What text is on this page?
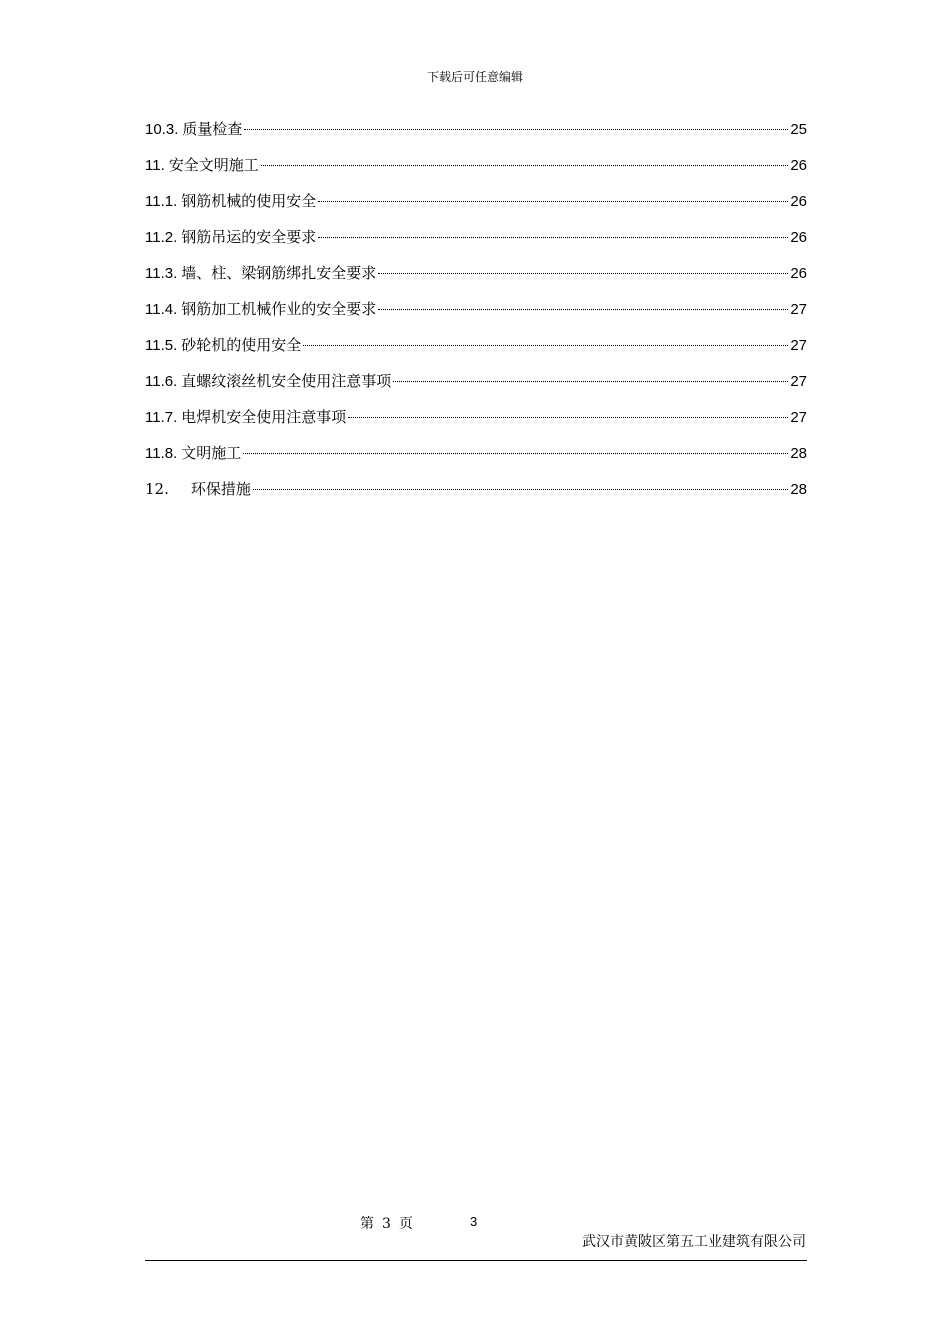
下载后可任意编辑
10.3. 质量检查	25
11. 安全文明施工	26
11.1. 钢筋机械的使用安全	26
11.2. 钢筋吊运的安全要求	26
11.3. 墙、柱、梁钢筋绑扎安全要求	26
11.4. 钢筋加工机械作业的安全要求	27
11.5. 砂轮机的使用安全	27
11.6. 直螺纹滚丝机安全使用注意事项	27
11.7. 电焊机安全使用注意事项	27
11.8. 文明施工	28
12. 环保措施	28
第 3 页	3
武汉市黄陂区第五工业建筑有限公司
